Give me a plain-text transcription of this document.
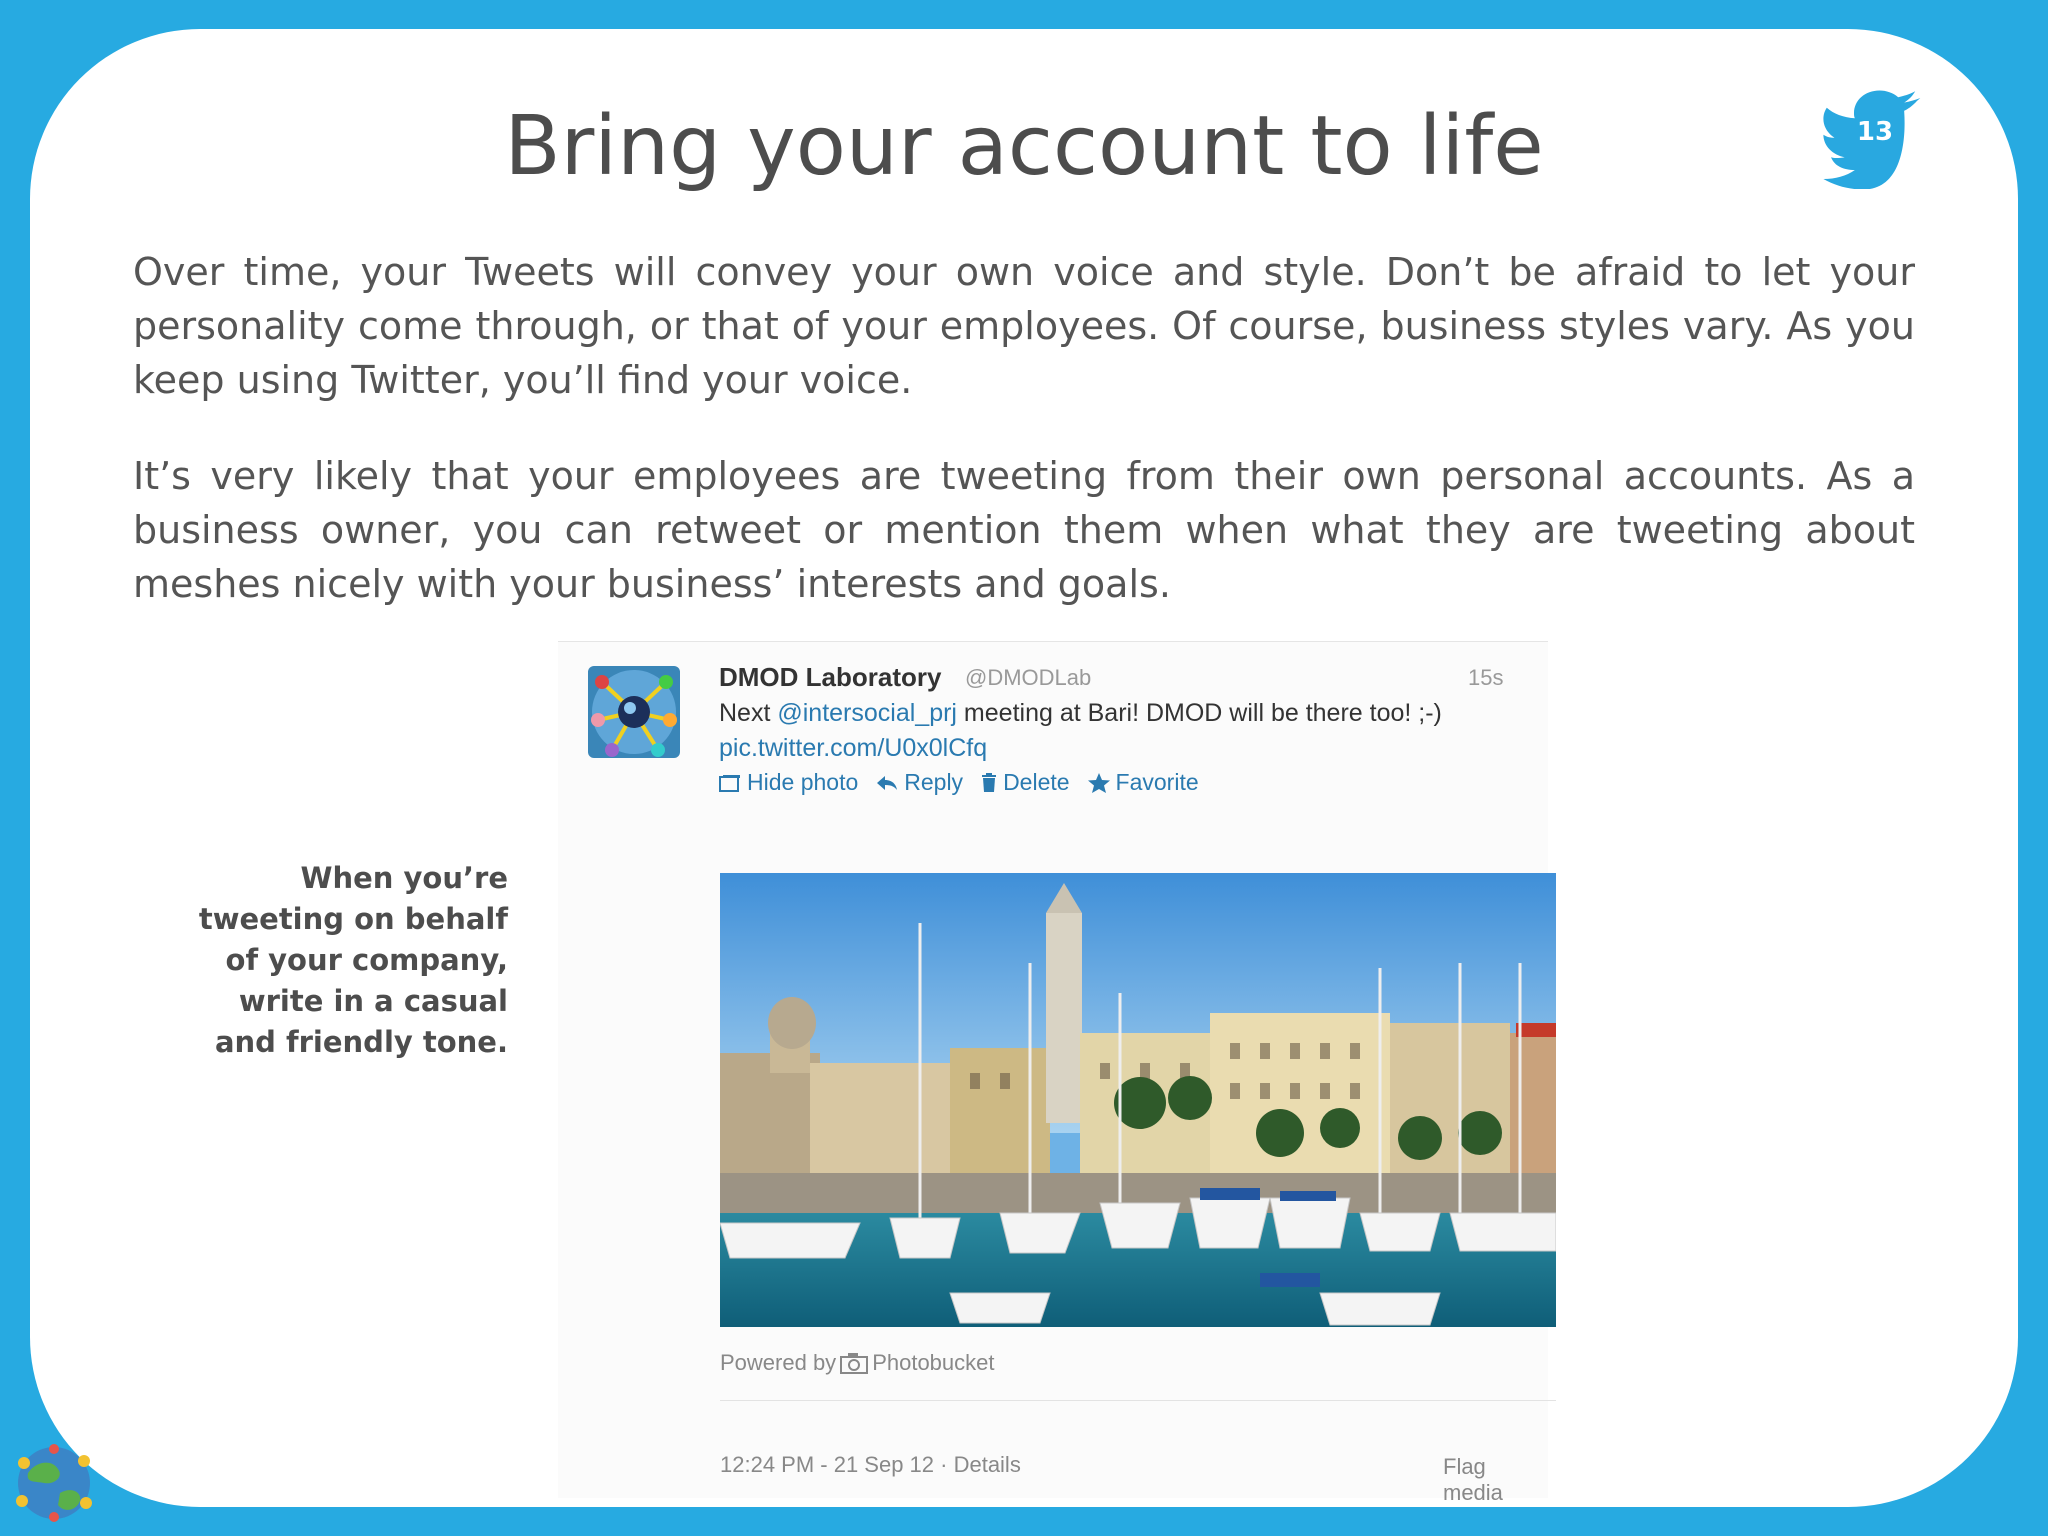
Bring your account to life	13

Over time, your Tweets will convey your own voice and style. Don’t be afraid to let your personality come through, or that of your employees. Of course, business styles vary. As you keep using Twitter, you’ll find your voice.

It’s very likely that your employees are tweeting from their own personal accounts. As a business owner, you can retweet or mention them when what they are tweeting about meshes nicely with your business’ interests and goals.

When you’re tweeting on behalf of your company, write in a casual and friendly tone.
DMOD Laboratory @DMODLab	15s
Next @intersocial_prj meeting at Bari! DMOD will be there too! ;-)
pic.twitter.com/U0x0lCfq
Hide photo Reply Delete Favorite
Powered by Photobucket
12:24 PM - 21 Sep 12 · Details	Flag media
